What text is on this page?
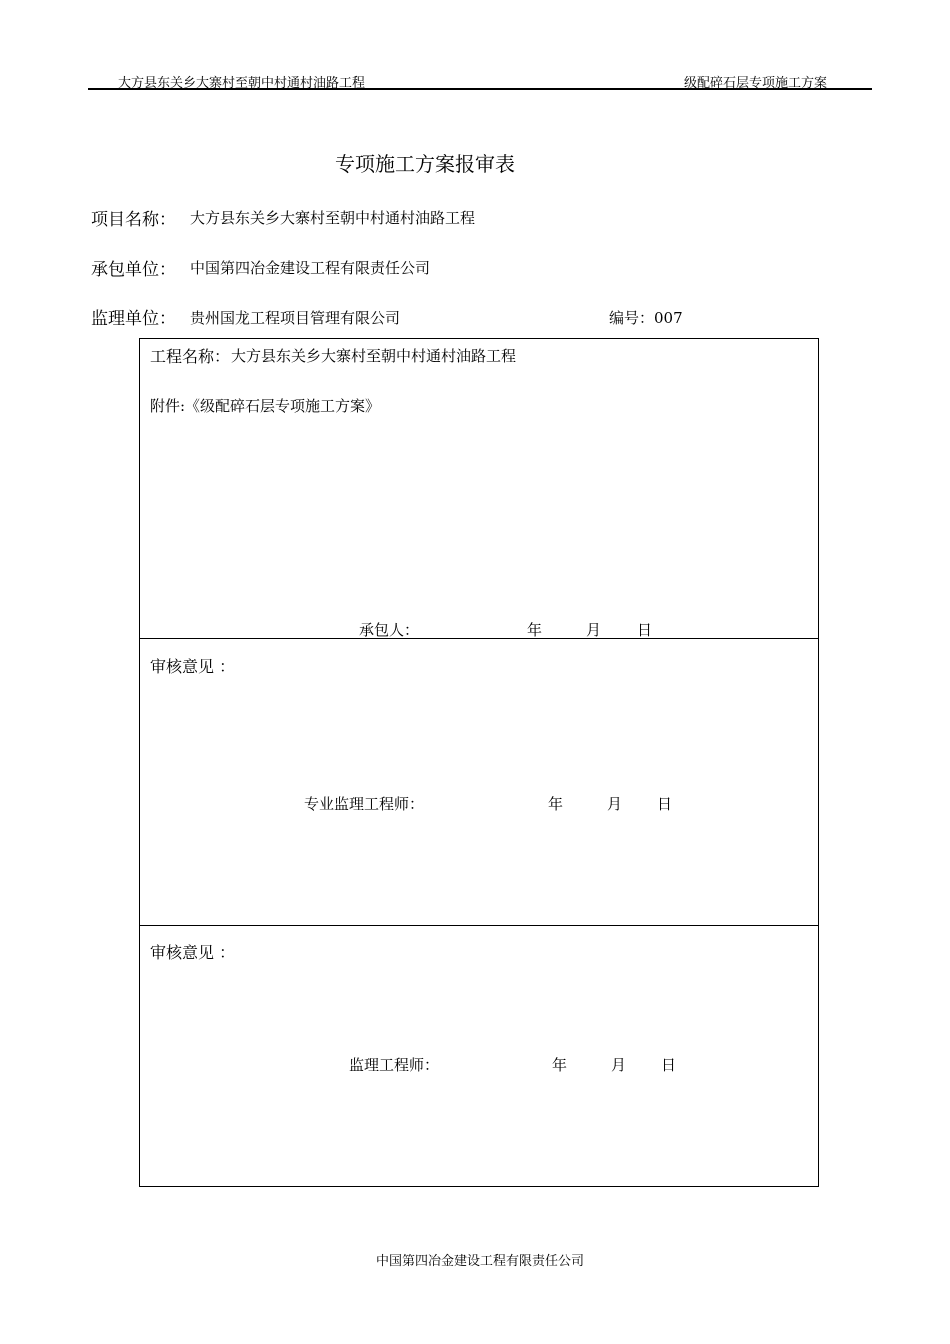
大方县东关乡大寨村至朝中村通村油路工程	级配碎石层专项施工方案
专项施工方案报审表
项目名称： 大方县东关乡大寨村至朝中村通村油路工程
承包单位： 中国第四冶金建设工程有限责任公司
监理单位： 贵州国龙工程项目管理有限公司	编号：007
工程名称： 大方县东关乡大寨村至朝中村通村油路工程
附件:《级配碎石层专项施工方案》
承包人：	年	月 日
审核意见 ：
专业监理工程师：	年	月 日
审核意见 ：
监理工程师：	年	月 日
中国第四冶金建设工程有限责任公司
